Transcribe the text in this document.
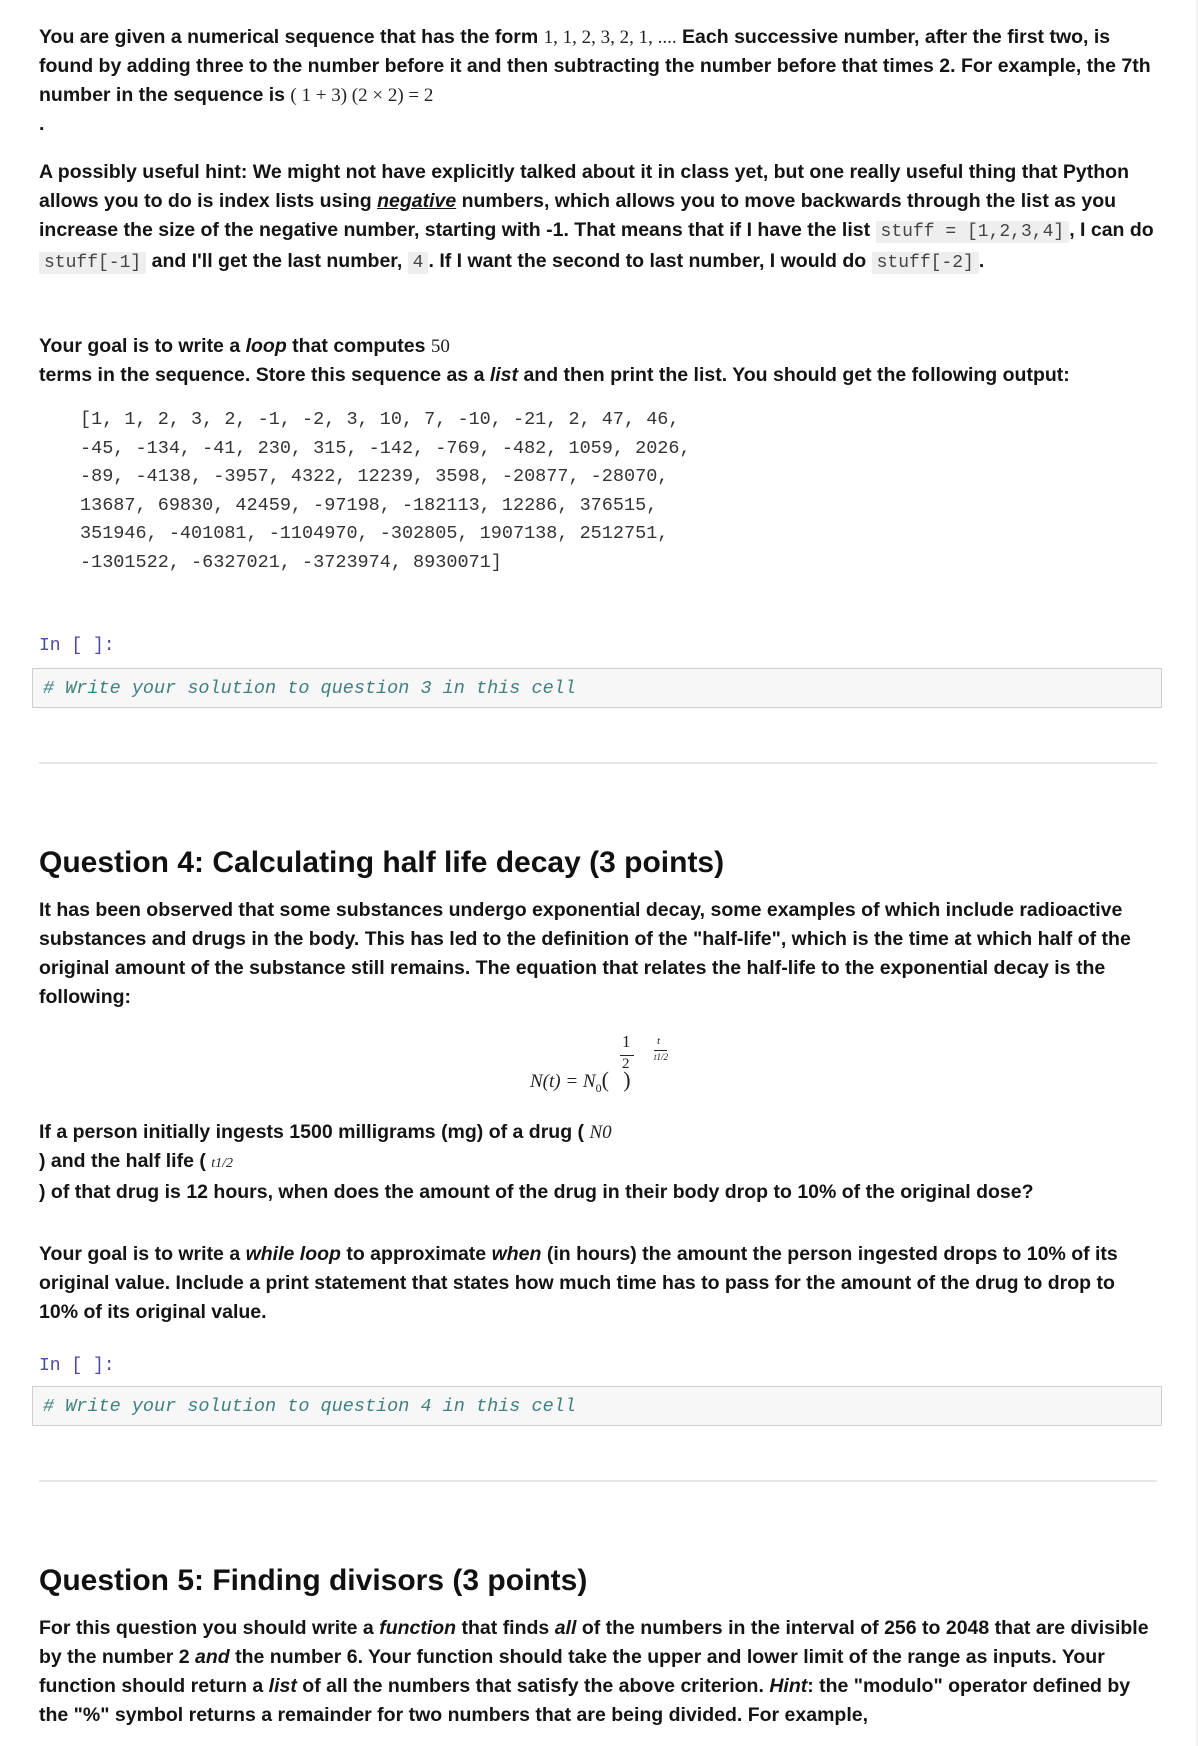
You are given a numerical sequence that has the form 1, 1, 2, 3, 2, 1, .... Each successive number, after the first two, is found by adding three to the number before it and then subtracting the number before that times 2. For example, the 7th number in the sequence is ( 1 + 3) (2 × 2) = 2
.

A possibly useful hint: We might not have explicitly talked about it in class yet, but one really useful thing that Python allows you to do is index lists using negative numbers, which allows you to move backwards through the list as you increase the size of the negative number, starting with -1. That means that if I have the list stuff = [1,2,3,4] , I can do stuff[-1] and I'll get the last number, 4 . If I want the second to last number, I would do stuff[-2] .

Your goal is to write a loop that computes 50
terms in the sequence. Store this sequence as a list and then print the list. You should get the following output:

[1, 1, 2, 3, 2, -1, -2, 3, 10, 7, -10, -21, 2, 47, 46,
-45, -134, -41, 230, 315, -142, -769, -482, 1059, 2026,
-89, -4138, -3957, 4322, 12239, 3598, -20877, -28070,
13687, 69830, 42459, -97198, -182113, 12286, 376515,
351946, -401081, -1104970, -302805, 1907138, 2512751,
-1301522, -6327021, -3723974, 8930071]
In [ ]:
# Write your solution to question 3 in this cell
Question 4: Calculating half life decay (3 points)

It has been observed that some substances undergo exponential decay, some examples of which include radioactive substances and drugs in the body. This has led to the definition of the "half-life", which is the time at which half of the original amount of the substance still remains. The equation that relates the half-life to the exponential decay is the following:

$N(t) = N_0$( )
1
2
t
t1/2

If a person initially ingests 1500 milligrams (mg) of a drug ( N0
) and the half life ( t1/2
) of that drug is 12 hours, when does the amount of the drug in their body drop to 10% of the original dose?

Your goal is to write a while loop to approximate when (in hours) the amount the person ingested drops to 10% of its original value. Include a print statement that states how much time has to pass for the amount of the drug to drop to 10% of its original value.

In [ ]:
# Write your solution to question 4 in this cell
Question 5: Finding divisors (3 points)

For this question you should write a function that finds all of the numbers in the interval of 256 to 2048 that are divisible by the number 2 and the number 6. Your function should take the upper and lower limit of the range as inputs. Your function should return a list of all the numbers that satisfy the above criterion. Hint: the "modulo" operator defined by the "%" symbol returns a remainder for two numbers that are being divided. For example,
